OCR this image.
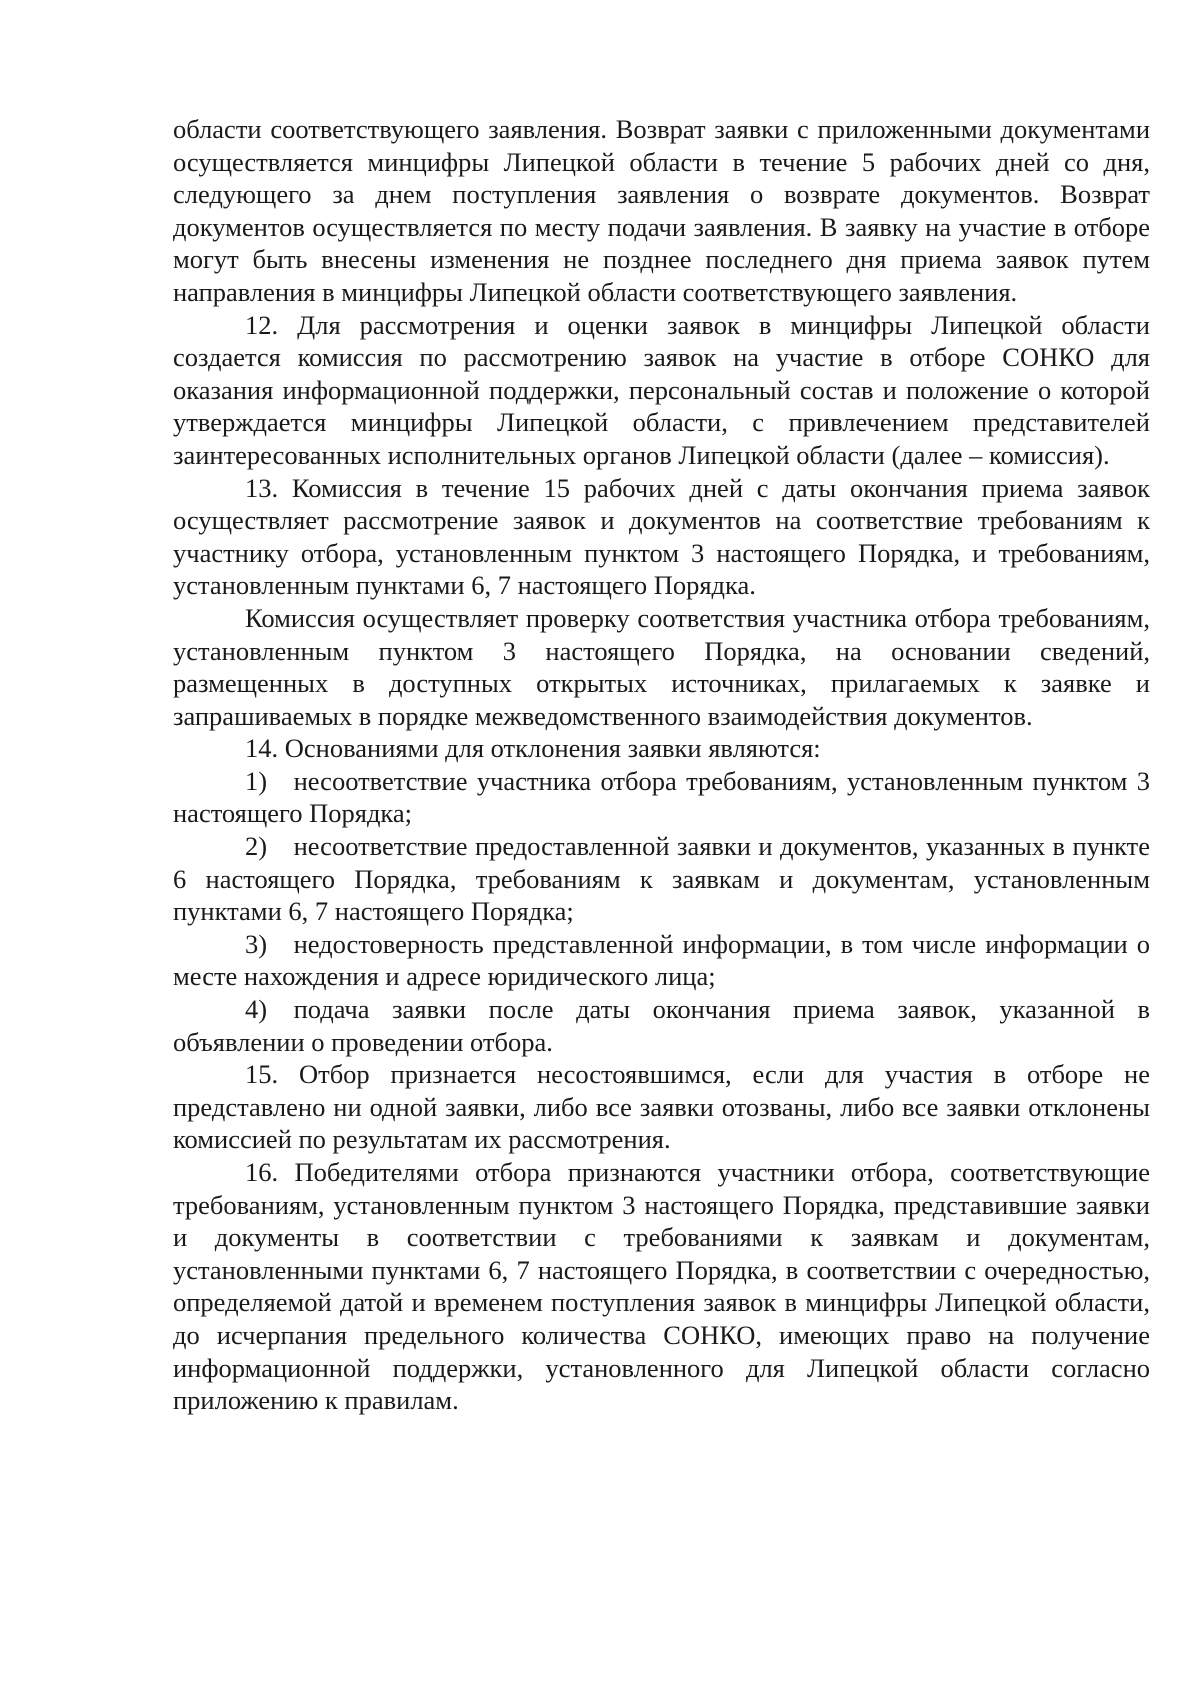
области соответствующего заявления. Возврат заявки с приложенными документами осуществляется минцифры Липецкой области в течение 5 рабочих дней со дня, следующего за днем поступления заявления о возврате документов. Возврат документов осуществляется по месту подачи заявления. В заявку на участие в отборе могут быть внесены изменения не позднее последнего дня приема заявок путем направления в минцифры Липецкой области соответствующего заявления.

12. Для рассмотрения и оценки заявок в минцифры Липецкой области создается комиссия по рассмотрению заявок на участие в отборе СОНКО для оказания информационной поддержки, персональный состав и положение о которой утверждается минцифры Липецкой области, с привлечением представителей заинтересованных исполнительных органов Липецкой области (далее – комиссия).

13. Комиссия в течение 15 рабочих дней с даты окончания приема заявок осуществляет рассмотрение заявок и документов на соответствие требованиям к участнику отбора, установленным пунктом 3 настоящего Порядка, и требованиям, установленным пунктами 6, 7 настоящего Порядка.

Комиссия осуществляет проверку соответствия участника отбора требованиям, установленным пунктом 3 настоящего Порядка, на основании сведений, размещенных в доступных открытых источниках, прилагаемых к заявке и запрашиваемых в порядке межведомственного взаимодействия документов.

14. Основаниями для отклонения заявки являются:

1) несоответствие участника отбора требованиям, установленным пунктом 3 настоящего Порядка;

2) несоответствие предоставленной заявки и документов, указанных в пункте 6 настоящего Порядка, требованиям к заявкам и документам, установленным пунктами 6, 7 настоящего Порядка;

3) недостоверность представленной информации, в том числе информации о месте нахождения и адресе юридического лица;

4) подача заявки после даты окончания приема заявок, указанной в объявлении о проведении отбора.

15. Отбор признается несостоявшимся, если для участия в отборе не представлено ни одной заявки, либо все заявки отозваны, либо все заявки отклонены комиссией по результатам их рассмотрения.

16. Победителями отбора признаются участники отбора, соответствующие требованиям, установленным пунктом 3 настоящего Порядка, представившие заявки и документы в соответствии с требованиями к заявкам и документам, установленными пунктами 6, 7 настоящего Порядка, в соответствии с очередностью, определяемой датой и временем поступления заявок в минцифры Липецкой области, до исчерпания предельного количества СОНКО, имеющих право на получение информационной поддержки, установленного для Липецкой области согласно приложению к правилам.
